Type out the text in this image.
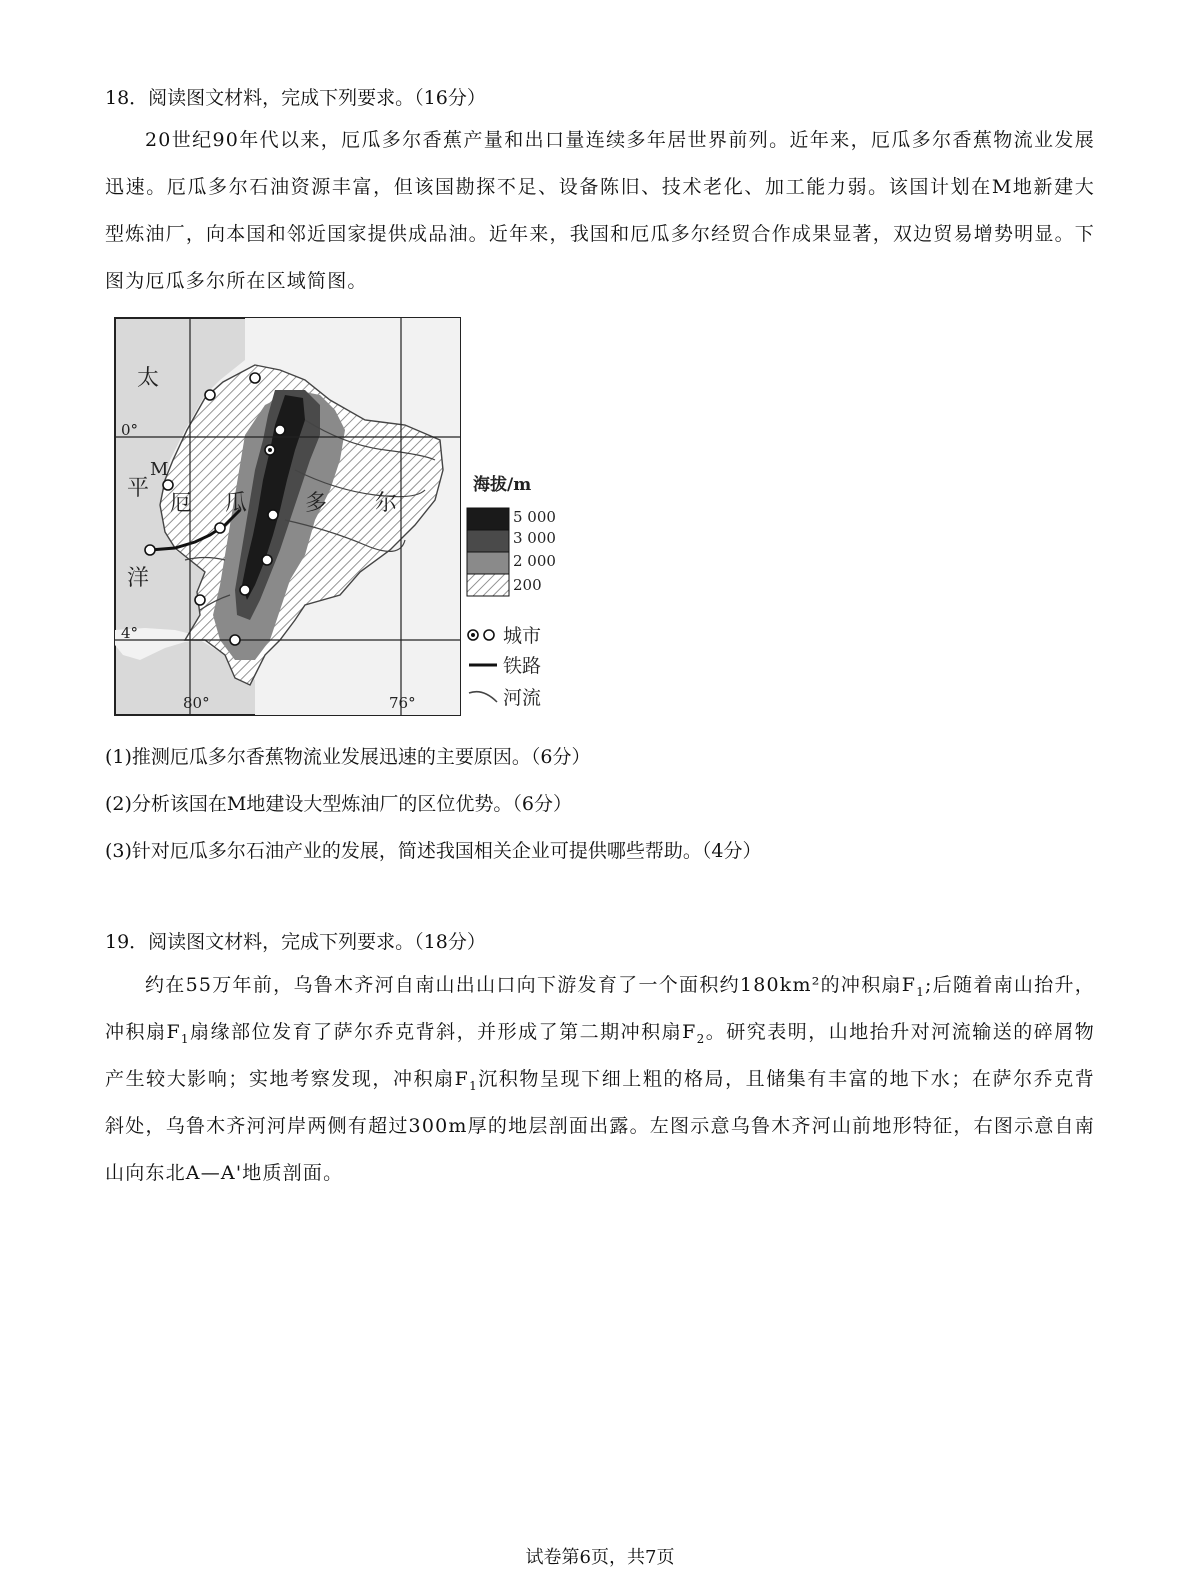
18．阅读图文材料，完成下列要求。（16分）
20世纪90年代以来，厄瓜多尔香蕉产量和出口量连续多年居世界前列。近年来，厄瓜多尔香蕉物流业发展迅速。厄瓜多尔石油资源丰富，但该国勘探不足、设备陈旧、技术老化、加工能力弱。该国计划在M地新建大型炼油厂，向本国和邻近国家提供成品油。近年来，我国和厄瓜多尔经贸合作成果显著，双边贸易增势明显。下图为厄瓜多尔所在区域简图。
太
平
洋
厄 瓜	多 尔
M
0°
4°
80°	76°
海拔/m
5 000
3 000
2 000
200
城市
铁路
河流
(1)推测厄瓜多尔香蕉物流业发展迅速的主要原因。（6分）
(2)分析该国在M地建设大型炼油厂的区位优势。（6分）
(3)针对厄瓜多尔石油产业的发展，简述我国相关企业可提供哪些帮助。（4分）
19．阅读图文材料，完成下列要求。（18分）
约在55万年前，乌鲁木齐河自南山出山口向下游发育了一个面积约180km²的冲积扇$F_1$;后随着南山抬升，冲积扇$F_1$扇缘部位发育了萨尔乔克背斜，并形成了第二期冲积扇$F_2$。研究表明，山地抬升对河流输送的碎屑物产生较大影响；实地考察发现，冲积扇$F_1$沉积物呈现下细上粗的格局，且储集有丰富的地下水；在萨尔乔克背斜处，乌鲁木齐河河岸两侧有超过300m厚的地层剖面出露。左图示意乌鲁木齐河山前地形特征，右图示意自南山向东北A—A'地质剖面。
试卷第6页，共7页
